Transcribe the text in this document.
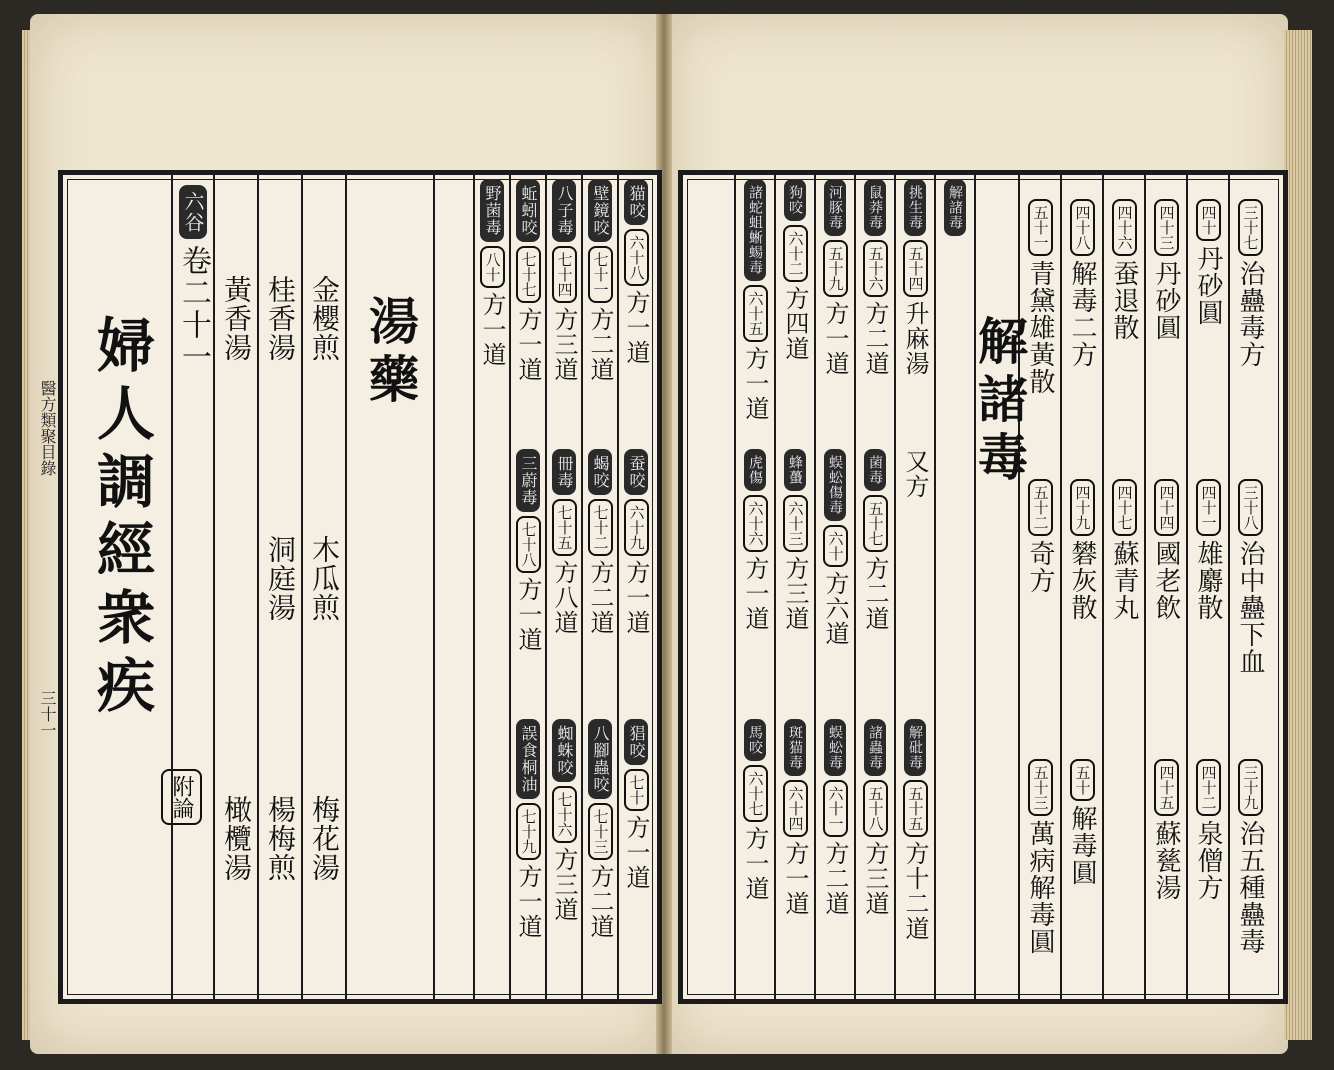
醫方類聚目錄
三十一
黃香湯
橄欖湯
桂香湯
洞庭湯
楊梅煎
金櫻煎
木瓜煎
梅花湯
湯藥
野菌毒
八十
方一道
蚯蚓咬
七十七
方一道
三蔚毒
七十八
方一道
誤食桐油
七十九
方一道
八子毒
七十四
方三道
冊毒
七十五
方八道
蜘蛛咬
七十六
方三道
壁鏡咬
七十一
方二道
蝎咬
七十二
方二道
八腳蟲咬
七十三
方二道
猫咬
六十八
方一道
蚕咬
六十九
方一道
猖咬
七十
方一道
婦人調經衆疾
附論
六谷
卷二十一
三十七
治蠱毒方
三十八
治中蠱下血
三十九
治五種蠱毒
四十
丹砂圓
四十一
雄麝散
四十二
泉僧方
四十三
丹砂圓
四十四
國老飲
四十五
蘇甆湯
四十六
蚕退散
四十七
蘇青丸
四十八
解毒二方
四十九
礬灰散
五十
解毒圓
五十一
青黛雄黃散
五十二
奇方
五十三
萬病解毒圓
解諸毒
解諸毒
挑生毒
五十四
升麻湯
又方
解砒毒
五十五
方十二道
鼠莽毒
五十六
方二道
菌毒
五十七
方二道
諸蟲毒
五十八
方三道
河豚毒
五十九
方一道
蜈蚣傷毒
六十
方六道
蜈蚣毒
六十一
方二道
狗咬
六十二
方四道
蜂蠆
六十三
方三道
斑猫毒
六十四
方一道
諸蛇蛆蜥蜴毒
六十五
方一道
虎傷
六十六
方一道
馬咬
六十七
方一道
